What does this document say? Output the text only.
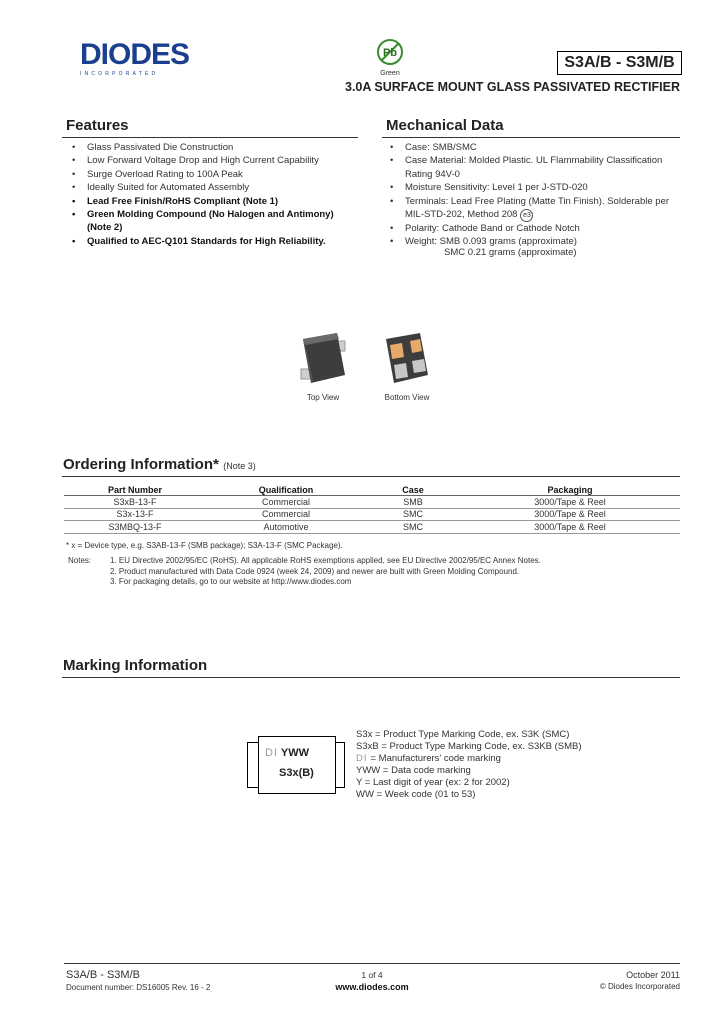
DIODES
INCORPORATED
Pb
Green
S3A/B - S3M/B
3.0A SURFACE MOUNT GLASS PASSIVATED RECTIFIER
Features
• Glass Passivated Die Construction
• Low Forward Voltage Drop and High Current Capability
• Surge Overload Rating to 100A Peak
• Ideally Suited for Automated Assembly
• Lead Free Finish/RoHS Compliant (Note 1)
• Green Molding Compound (No Halogen and Antimony) (Note 2)
• Qualified to AEC-Q101 Standards for High Reliability.
Mechanical Data
• Case: SMB/SMC
• Case Material: Molded Plastic. UL Flammability Classification Rating 94V-0
• Moisture Sensitivity: Level 1 per J-STD-020
• Terminals: Lead Free Plating (Matte Tin Finish). Solderable per MIL-STD-202, Method 208 e3
• Polarity: Cathode Band or Cathode Notch
• Weight: SMB 0.093 grams (approximate)
SMC 0.21 grams (approximate)
Top View	Bottom View
Ordering Information* (Note 3)
Part Number	Qualification	Case	Packaging
S3xB-13-F	Commercial	SMB	3000/Tape & Reel
S3x-13-F	Commercial	SMC	3000/Tape & Reel
S3MBQ-13-F	Automotive	SMC	3000/Tape & Reel
* x = Device type, e.g. S3AB-13-F (SMB package); S3A-13-F (SMC Package).
Notes: 1. EU Directive 2002/95/EC (RoHS). All applicable RoHS exemptions applied, see EU Directive 2002/95/EC Annex Notes.
2. Product manufactured with Data Code 0924 (week 24, 2009) and newer are built with Green Molding Compound.
3. For packaging details, go to our website at http://www.diodes.com
Marking Information
DI YWW
S3x(B)
S3x = Product Type Marking Code, ex. S3K (SMC)
S3xB = Product Type Marking Code, ex. S3KB (SMB)
DI = Manufacturers' code marking
YWW = Data code marking
Y = Last digit of year (ex: 2 for 2002)
WW = Week code (01 to 53)
S3A/B - S3M/B
Document number: DS16005 Rev. 16 - 2
1 of 4
www.diodes.com
October 2011
© Diodes Incorporated
